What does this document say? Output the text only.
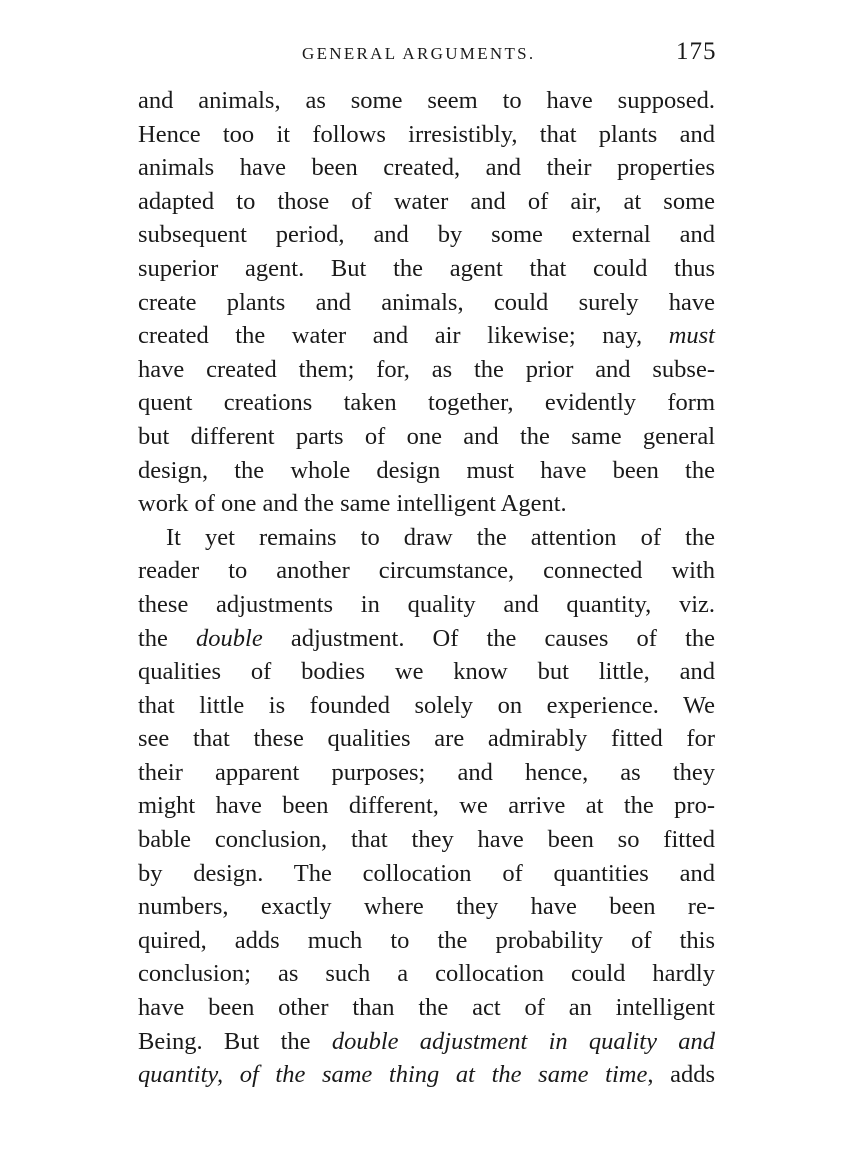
GENERAL ARGUMENTS.	175
and animals, as some seem to have supposed.
Hence too it follows irresistibly, that plants and
animals have been created, and their properties
adapted to those of water and of air, at some
subsequent period, and by some external and
superior agent. But the agent that could thus
create plants and animals, could surely have
created the water and air likewise; nay, must
have created them; for, as the prior and subse-
quent creations taken together, evidently form
but different parts of one and the same general
design, the whole design must have been the
work of one and the same intelligent Agent.
It yet remains to draw the attention of the
reader to another circumstance, connected with
these adjustments in quality and quantity, viz.
the double adjustment. Of the causes of the
qualities of bodies we know but little, and
that little is founded solely on experience. We
see that these qualities are admirably fitted for
their apparent purposes; and hence, as they
might have been different, we arrive at the pro-
bable conclusion, that they have been so fitted
by design. The collocation of quantities and
numbers, exactly where they have been re-
quired, adds much to the probability of this
conclusion; as such a collocation could hardly
have been other than the act of an intelligent
Being. But the double adjustment in quality and
quantity, of the same thing at the same time, adds
